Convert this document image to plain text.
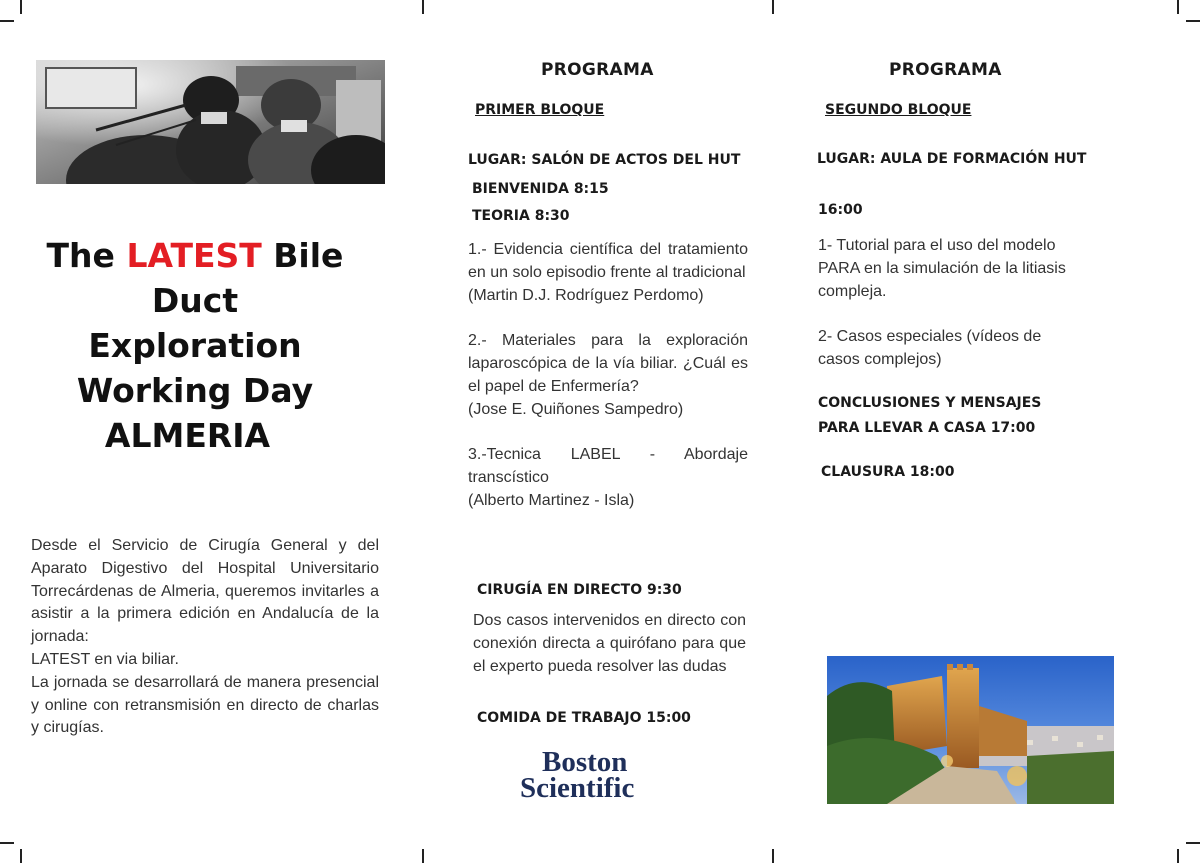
The LATEST Bile
Duct
Exploration
Working Day
ALMERIA
Desde el Servicio de Cirugía General y del Aparato Digestivo del Hospital Universitario Torrecárdenas de Almeria, queremos invitarles a asistir a la primera edición en Andalucía de la jornada:
LATEST en via biliar.
La jornada se desarrollará de manera presencial y online con retransmisión en directo de charlas y cirugías.
PROGRAMA
PRIMER BLOQUE
LUGAR: SALÓN DE ACTOS DEL HUT
BIENVENIDA 8:15
TEORIA 8:30
1.- Evidencia científica del tratamiento en un solo episodio frente al tradicional
(Martin D.J. Rodríguez Perdomo)
2.- Materiales para la exploración laparoscópica de la vía biliar. ¿Cuál es el papel de Enfermería?
(Jose E. Quiñones Sampedro)
3.-Tecnica LABEL - Abordaje transcístico
(Alberto Martinez - Isla)
CIRUGÍA EN DIRECTO 9:30
Dos casos intervenidos en directo con conexión directa a quirófano para que el experto pueda resolver las dudas
COMIDA DE TRABAJO 15:00
Boston
Scientific
PROGRAMA
SEGUNDO BLOQUE
LUGAR: AULA DE FORMACIÓN HUT
16:00
1- Tutorial para el uso del modelo PARA en la simulación de la litiasis compleja.
2- Casos especiales (vídeos de casos complejos)
CONCLUSIONES Y MENSAJES PARA LLEVAR A CASA 17:00
CLAUSURA 18:00
